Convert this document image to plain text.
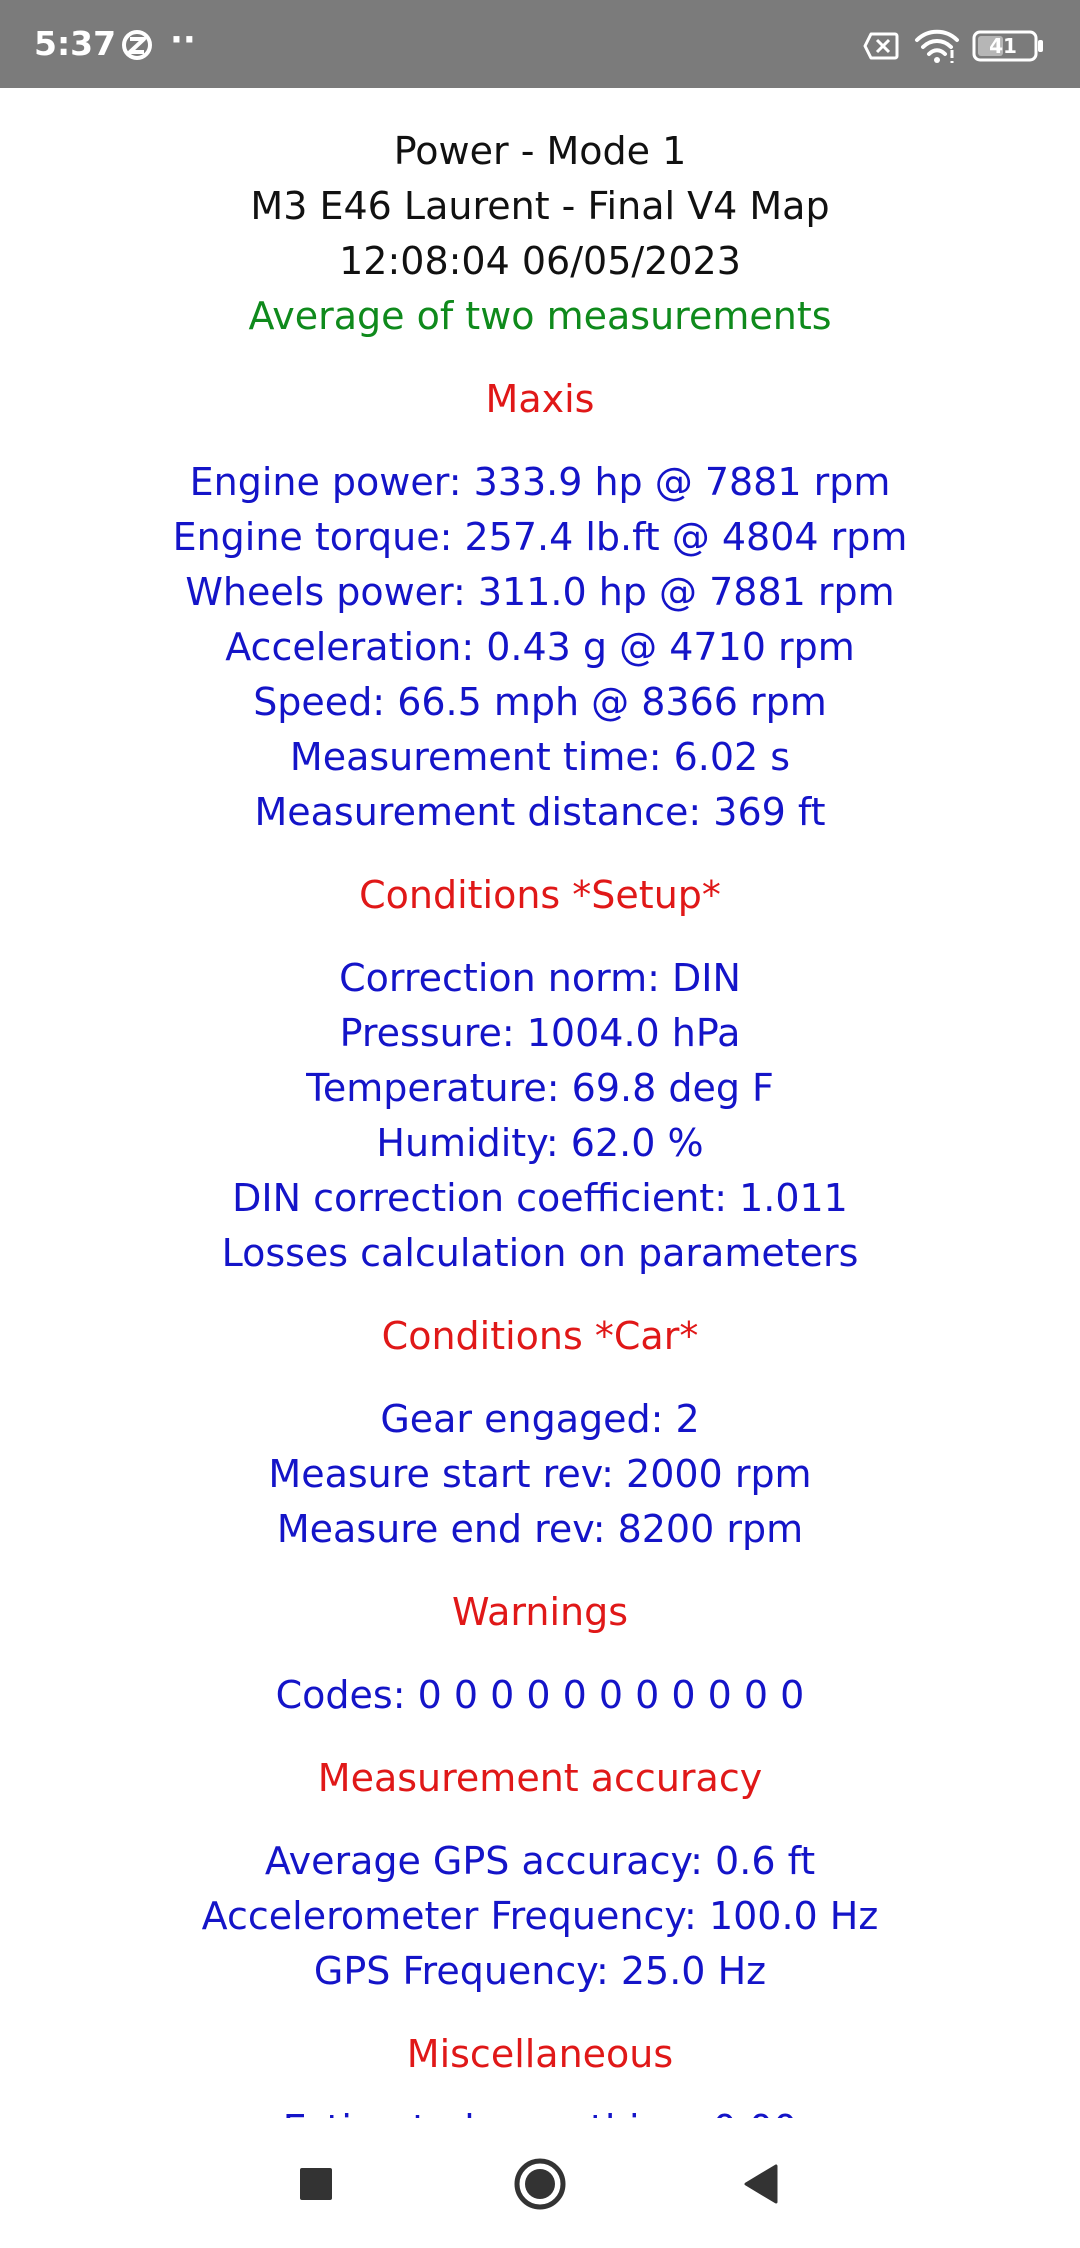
5:37 ··	41
Power - Mode 1
M3 E46 Laurent - Final V4 Map
12:08:04 06/05/2023
Average of two measurements
Maxis
Engine power: 333.9 hp @ 7881 rpm
Engine torque: 257.4 lb.ft @ 4804 rpm
Wheels power: 311.0 hp @ 7881 rpm
Acceleration: 0.43 g @ 4710 rpm
Speed: 66.5 mph @ 8366 rpm
Measurement time: 6.02 s
Measurement distance: 369 ft
Conditions *Setup*
Correction norm: DIN
Pressure: 1004.0 hPa
Temperature: 69.8 deg F
Humidity: 62.0 %
DIN correction coefficient: 1.011
Losses calculation on parameters
Conditions *Car*
Gear engaged: 2
Measure start rev: 2000 rpm
Measure end rev: 8200 rpm
Warnings
Codes: 0 0 0 0 0 0 0 0 0 0 0
Measurement accuracy
Average GPS accuracy: 0.6 ft
Accelerometer Frequency: 100.0 Hz
GPS Frequency: 25.0 Hz
Miscellaneous
